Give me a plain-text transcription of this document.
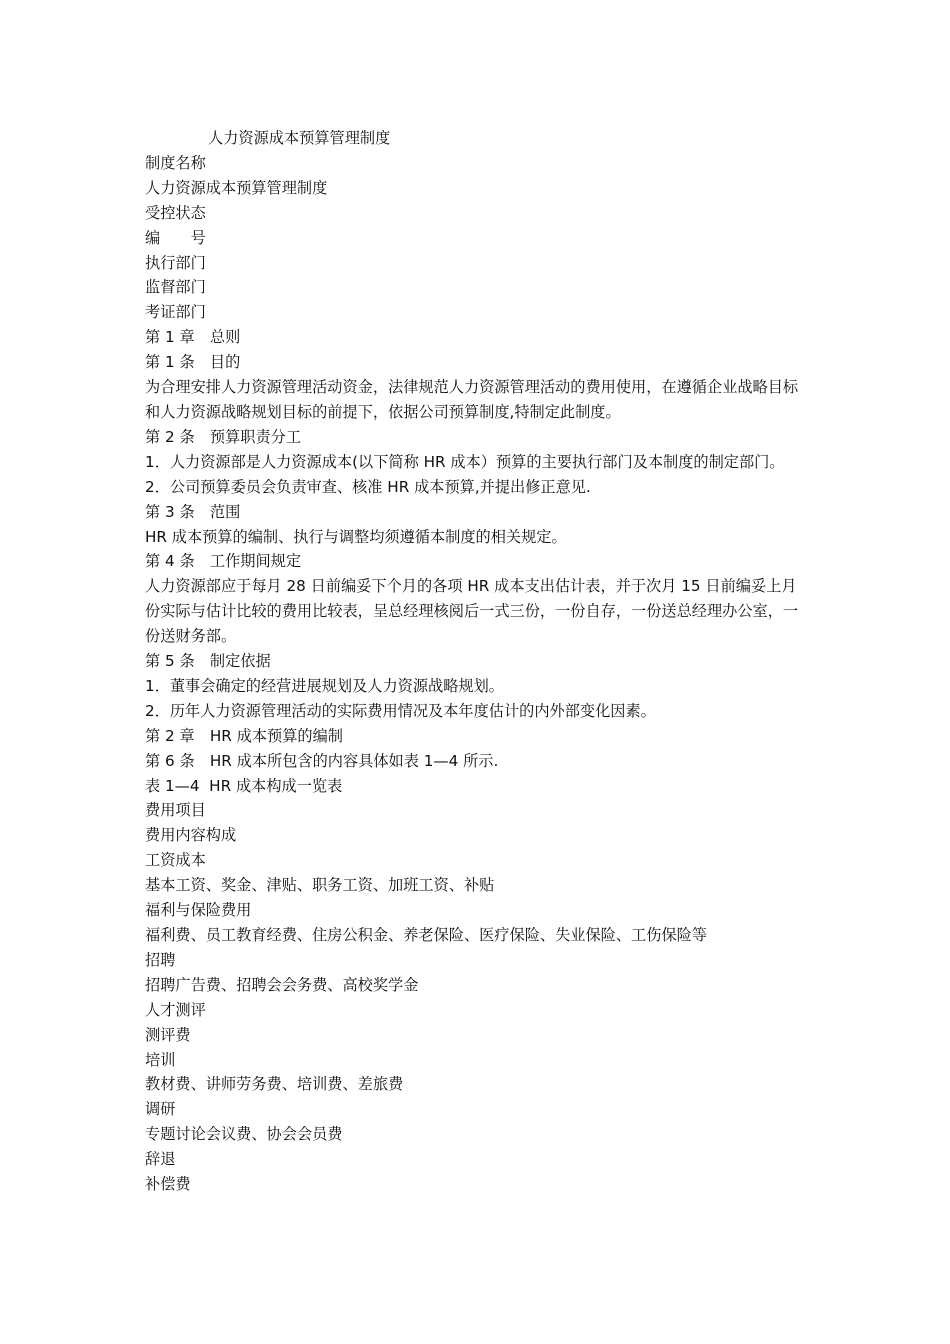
人力资源成本预算管理制度

制度名称

人力资源成本预算管理制度

受控状态

编　　号

执行部门

监督部门

考证部门

第 1 章　总则

第 1 条　目的

为合理安排人力资源管理活动资金，法律规范人力资源管理活动的费用使用，在遵循企业战略目标和人力资源战略规划目标的前提下，依据公司预算制度,特制定此制度。

第 2 条　预算职责分工

1．人力资源部是人力资源成本(以下简称 HR 成本）预算的主要执行部门及本制度的制定部门。

2．公司预算委员会负责审查、核准 HR 成本预算,并提出修正意见.

第 3 条　范围

HR 成本预算的编制、执行与调整均须遵循本制度的相关规定。

第 4 条　工作期间规定

人力资源部应于每月 28 日前编妥下个月的各项 HR 成本支出估计表，并于次月 15 日前编妥上月份实际与估计比较的费用比较表，呈总经理核阅后一式三份，一份自存，一份送总经理办公室，一份送财务部。

第 5 条　制定依据

1．董事会确定的经营进展规划及人力资源战略规划。

2．历年人力资源管理活动的实际费用情况及本年度估计的内外部变化因素。

第 2 章　HR 成本预算的编制

第 6 条　HR 成本所包含的内容具体如表 1—4 所示.

表 1—4  HR 成本构成一览表

费用项目

费用内容构成

工资成本

基本工资、奖金、津贴、职务工资、加班工资、补贴

福利与保险费用

福利费、员工教育经费、住房公积金、养老保险、医疗保险、失业保险、工伤保险等

招聘

招聘广告费、招聘会会务费、高校奖学金

人才测评

测评费

培训

教材费、讲师劳务费、培训费、差旅费

调研

专题讨论会议费、协会会员费

辞退

补偿费
